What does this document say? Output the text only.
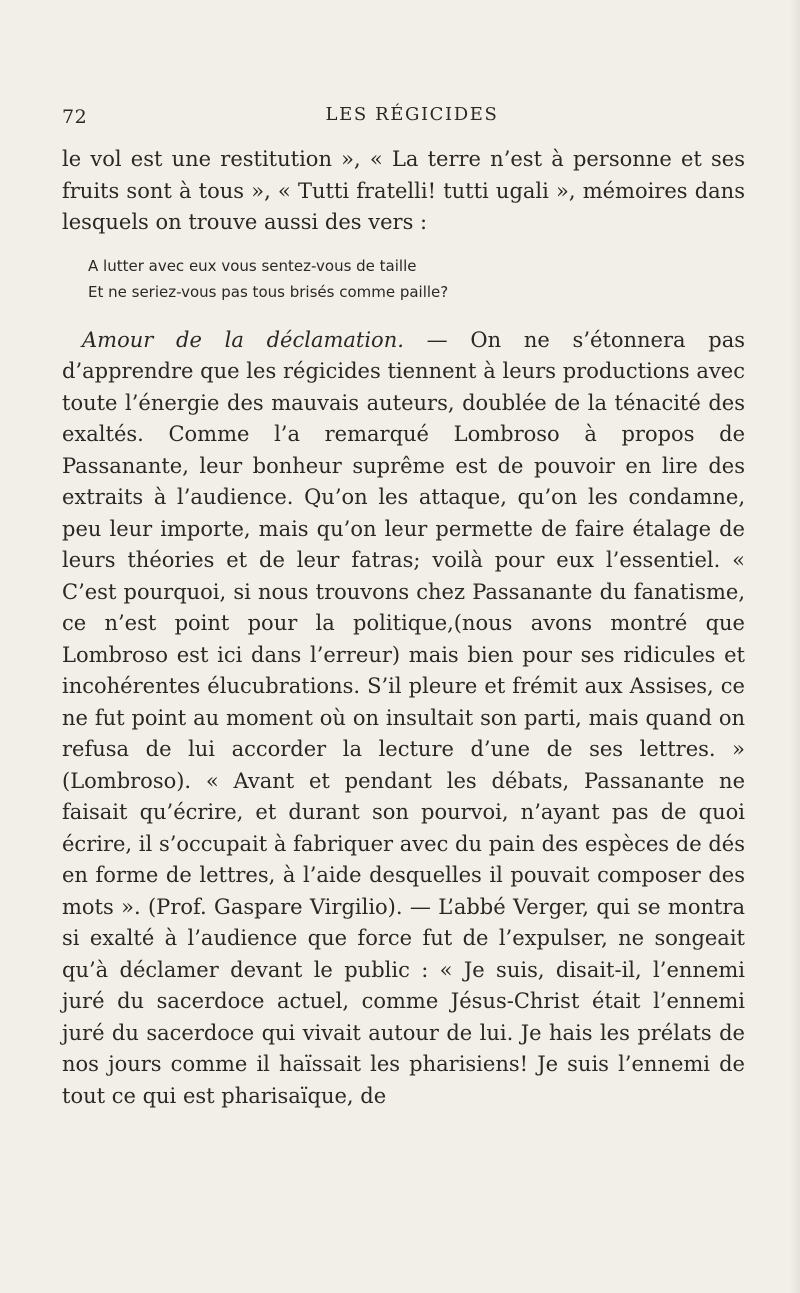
72	LES RÉGICIDES

le vol est une restitution », « La terre n’est à personne et ses fruits sont à tous », « Tutti fratelli! tutti ugali », mémoires dans lesquels on trouve aussi des vers :

A lutter avec eux vous sentez-vous de taille
Et ne seriez-vous pas tous brisés comme paille?

Amour de la déclamation. — On ne s’étonnera pas d’apprendre que les régicides tiennent à leurs productions avec toute l’énergie des mauvais auteurs, doublée de la ténacité des exaltés. Comme l’a remarqué Lombroso à propos de Passanante, leur bonheur suprême est de pouvoir en lire des extraits à l’audience. Qu’on les attaque, qu’on les condamne, peu leur importe, mais qu’on leur permette de faire étalage de leurs théories et de leur fatras; voilà pour eux l’essentiel. « C’est pourquoi, si nous trouvons chez Passanante du fanatisme, ce n’est point pour la politique,(nous avons montré que Lombroso est ici dans l’erreur) mais bien pour ses ridicules et incohérentes élucubrations. S’il pleure et frémit aux Assises, ce ne fut point au moment où on insultait son parti, mais quand on refusa de lui accorder la lecture d’une de ses lettres. » (Lombroso). « Avant et pendant les débats, Passanante ne faisait qu’écrire, et durant son pourvoi, n’ayant pas de quoi écrire, il s’occupait à fabriquer avec du pain des espèces de dés en forme de lettres, à l’aide desquelles il pouvait composer des mots ». (Prof. Gaspare Virgilio). — L’abbé Verger, qui se montra si exalté à l’audience que force fut de l’expulser, ne songeait qu’à déclamer devant le public : « Je suis, disait-il, l’ennemi juré du sacerdoce actuel, comme Jésus-Christ était l’ennemi juré du sacerdoce qui vivait autour de lui. Je hais les prélats de nos jours comme il haïssait les pharisiens! Je suis l’ennemi de tout ce qui est pharisaïque, de
